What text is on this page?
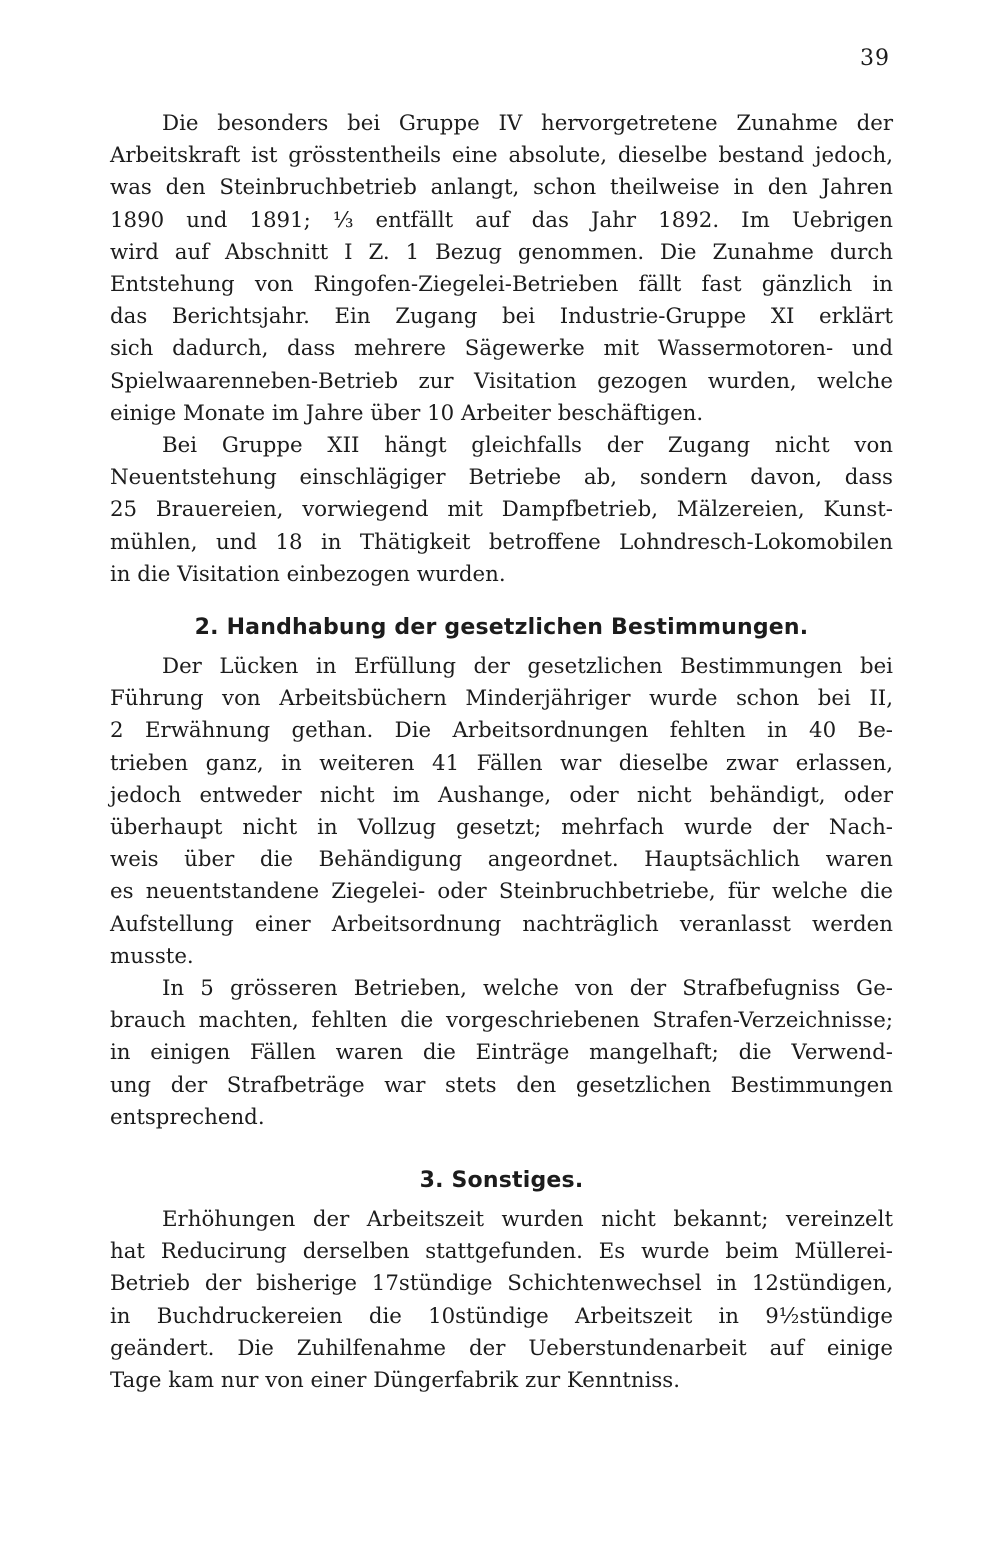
39
Die besonders bei Gruppe IV hervorgetretene Zunahme der
Arbeitskraft ist grösstentheils eine absolute, dieselbe bestand jedoch,
was den Steinbruchbetrieb anlangt, schon theilweise in den Jahren
1890 und 1891; ⅓ entfällt auf das Jahr 1892. Im Uebrigen
wird auf Abschnitt I Z. 1 Bezug genommen. Die Zunahme durch
Entstehung von Ringofen-Ziegelei-Betrieben fällt fast gänzlich in
das Berichtsjahr. Ein Zugang bei Industrie-Gruppe XI erklärt
sich dadurch, dass mehrere Sägewerke mit Wassermotoren- und
Spielwaarenneben-Betrieb zur Visitation gezogen wurden, welche
einige Monate im Jahre über 10 Arbeiter beschäftigen.
Bei Gruppe XII hängt gleichfalls der Zugang nicht von
Neuentstehung einschlägiger Betriebe ab, sondern davon, dass
25 Brauereien, vorwiegend mit Dampfbetrieb, Mälzereien, Kunst-
mühlen, und 18 in Thätigkeit betroffene Lohndresch-Lokomobilen
in die Visitation einbezogen wurden.
2. Handhabung der gesetzlichen Bestimmungen.
Der Lücken in Erfüllung der gesetzlichen Bestimmungen bei
Führung von Arbeitsbüchern Minderjähriger wurde schon bei II,
2 Erwähnung gethan. Die Arbeitsordnungen fehlten in 40 Be-
trieben ganz, in weiteren 41 Fällen war dieselbe zwar erlassen,
jedoch entweder nicht im Aushange, oder nicht behändigt, oder
überhaupt nicht in Vollzug gesetzt; mehrfach wurde der Nach-
weis über die Behändigung angeordnet. Hauptsächlich waren
es neuentstandene Ziegelei- oder Steinbruchbetriebe, für welche die
Aufstellung einer Arbeitsordnung nachträglich veranlasst werden
musste.
In 5 grösseren Betrieben, welche von der Strafbefugniss Ge-
brauch machten, fehlten die vorgeschriebenen Strafen-Verzeichnisse;
in einigen Fällen waren die Einträge mangelhaft; die Verwend-
ung der Strafbeträge war stets den gesetzlichen Bestimmungen
entsprechend.
3. Sonstiges.
Erhöhungen der Arbeitszeit wurden nicht bekannt; vereinzelt
hat Reducirung derselben stattgefunden. Es wurde beim Müllerei-
Betrieb der bisherige 17stündige Schichtenwechsel in 12stündigen,
in Buchdruckereien die 10stündige Arbeitszeit in 9½stündige
geändert. Die Zuhilfenahme der Ueberstundenarbeit auf einige
Tage kam nur von einer Düngerfabrik zur Kenntniss.
